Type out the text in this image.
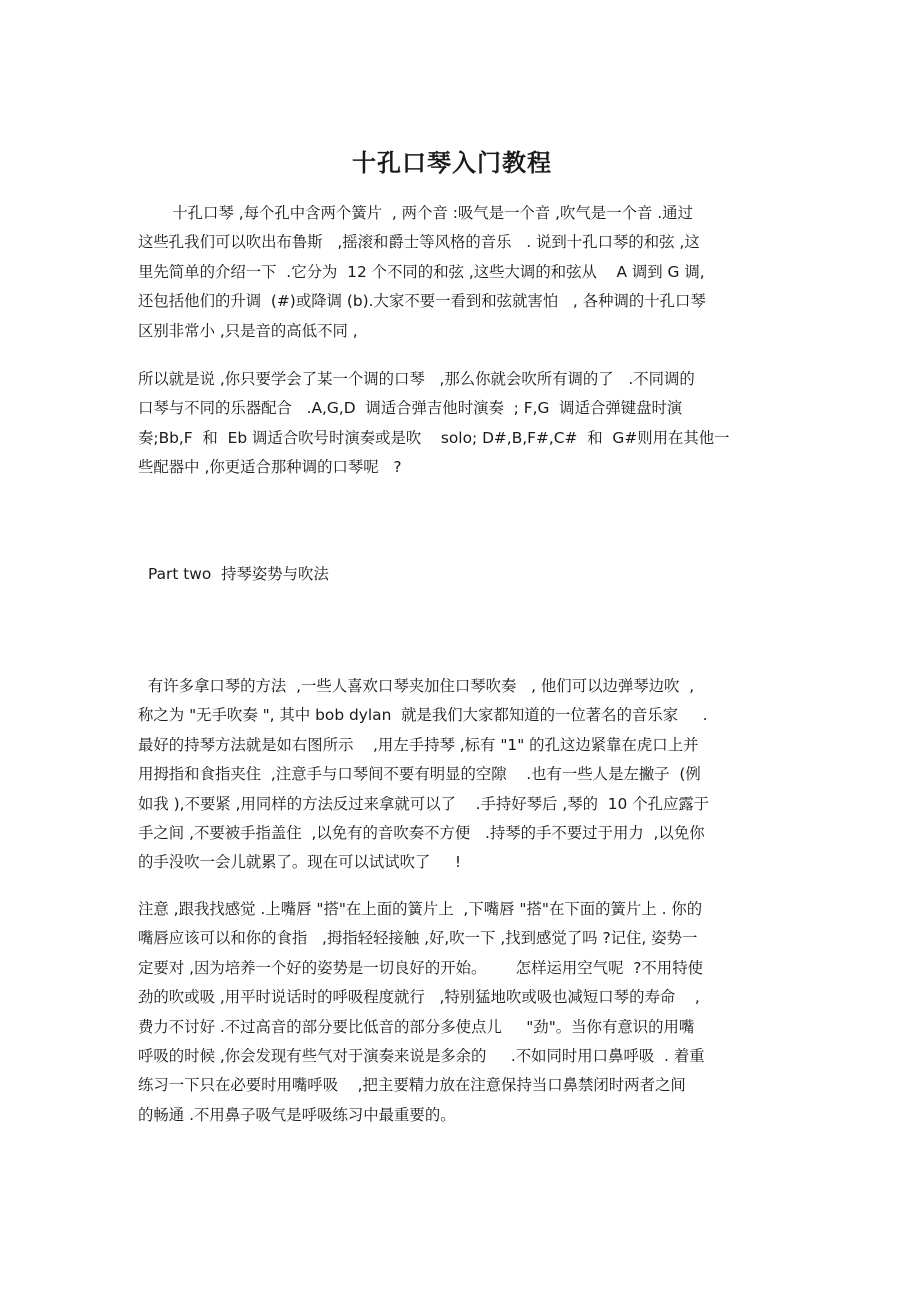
十孔口琴入门教程

十孔口琴 ,每个孔中含两个簧片  , 两个音 :吸气是一个音 ,吹气是一个音 .通过
这些孔我们可以吹出布鲁斯   ,摇滚和爵士等风格的音乐   . 说到十孔口琴的和弦 ,这
里先简单的介绍一下  .它分为  12 个不同的和弦 ,这些大调的和弦从    A 调到 G 调,
还包括他们的升调  (#)或降调 (b).大家不要一看到和弦就害怕   , 各种调的十孔口琴
区别非常小 ,只是音的高低不同 ,

所以就是说 ,你只要学会了某一个调的口琴   ,那么你就会吹所有调的了   .不同调的
口琴与不同的乐器配合   .A,G,D  调适合弹吉他时演奏  ; F,G  调适合弹键盘时演
奏;Bb,F  和  Eb 调适合吹号时演奏或是吹    solo; D#,B,F#,C#  和  G#则用在其他一
些配器中 ,你更适合那种调的口琴呢   ?

Part two  持琴姿势与吹法

有许多拿口琴的方法  ,一些人喜欢口琴夹加住口琴吹奏   , 他们可以边弹琴边吹  ,
称之为 "无手吹奏 ", 其中 bob dylan  就是我们大家都知道的一位著名的音乐家     .
最好的持琴方法就是如右图所示    ,用左手持琴 ,标有 "1" 的孔这边紧靠在虎口上并
用拇指和食指夹住  ,注意手与口琴间不要有明显的空隙    .也有一些人是左撇子  (例
如我 ),不要紧 ,用同样的方法反过来拿就可以了    .手持好琴后 ,琴的  10 个孔应露于
手之间 ,不要被手指盖住  ,以免有的音吹奏不方便   .持琴的手不要过于用力  ,以免你
的手没吹一会儿就累了。现在可以试试吹了     !

注意 ,跟我找感觉 .上嘴唇 "搭"在上面的簧片上  ,下嘴唇 "搭"在下面的簧片上 . 你的
嘴唇应该可以和你的食指   ,拇指轻轻接触 ,好,吹一下 ,找到感觉了吗 ?记住, 姿势一
定要对 ,因为培养一个好的姿势是一切良好的开始。      怎样运用空气呢  ?不用特使
劲的吹或吸 ,用平时说话时的呼吸程度就行   ,特别猛地吹或吸也减短口琴的寿命    ,
费力不讨好 .不过高音的部分要比低音的部分多使点儿     "劲"。当你有意识的用嘴
呼吸的时候 ,你会发现有些气对于演奏来说是多余的     .不如同时用口鼻呼吸  . 着重
练习一下只在必要时用嘴呼吸    ,把主要精力放在注意保持当口鼻禁闭时两者之间
的畅通 .不用鼻子吸气是呼吸练习中最重要的。
